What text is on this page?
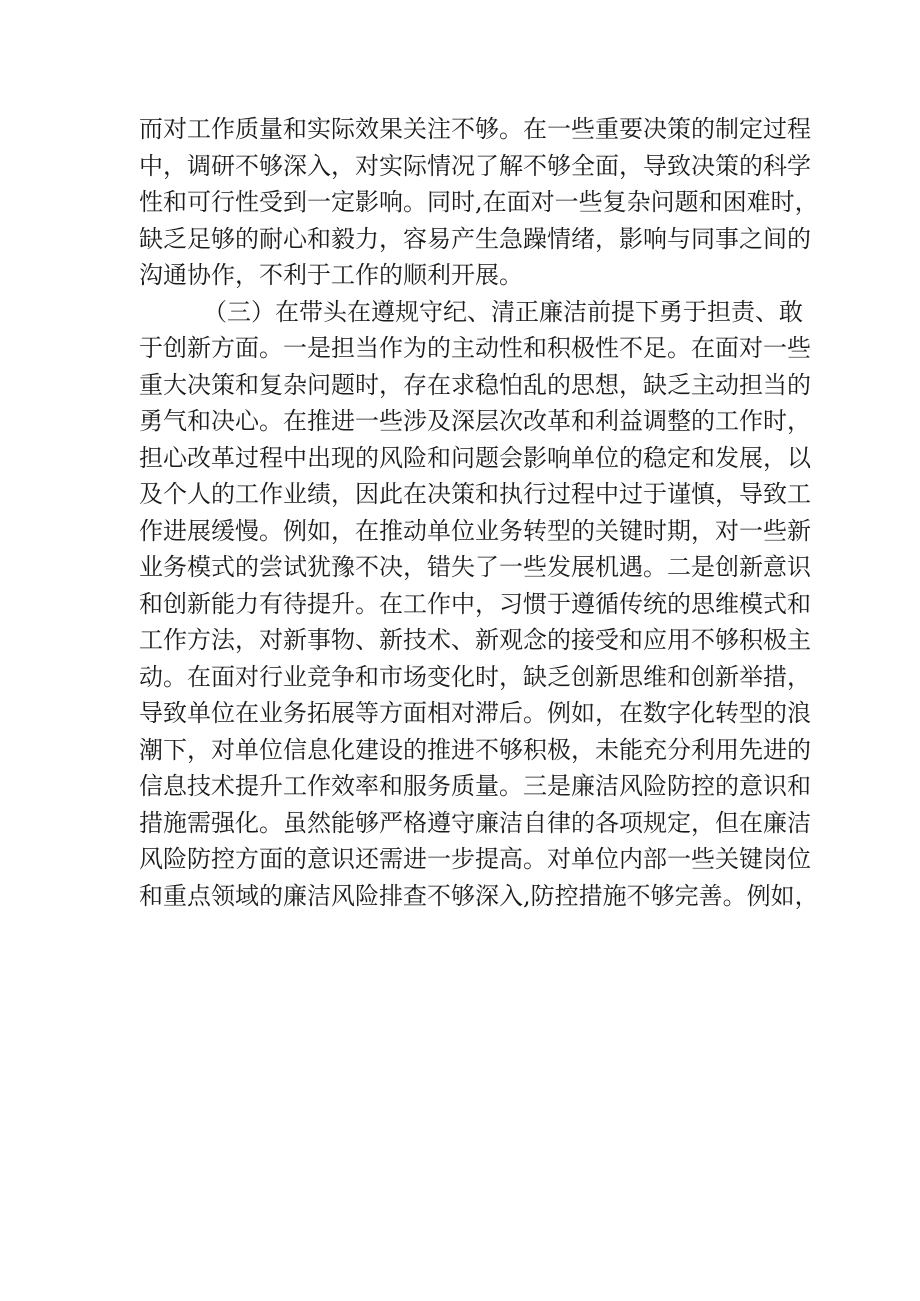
而对工作质量和实际效果关注不够。在一些重要决策的制定过程
中，调研不够深入，对实际情况了解不够全面，导致决策的科学
性和可行性受到一定影响。同时,在面对一些复杂问题和困难时，
缺乏足够的耐心和毅力，容易产生急躁情绪，影响与同事之间的
沟通协作，不利于工作的顺利开展。
（三）在带头在遵规守纪、清正廉洁前提下勇于担责、敢
于创新方面。一是担当作为的主动性和积极性不足。在面对一些
重大决策和复杂问题时，存在求稳怕乱的思想，缺乏主动担当的
勇气和决心。在推进一些涉及深层次改革和利益调整的工作时，
担心改革过程中出现的风险和问题会影响单位的稳定和发展，以
及个人的工作业绩，因此在决策和执行过程中过于谨慎，导致工
作进展缓慢。例如，在推动单位业务转型的关键时期，对一些新
业务模式的尝试犹豫不决，错失了一些发展机遇。二是创新意识
和创新能力有待提升。在工作中，习惯于遵循传统的思维模式和
工作方法，对新事物、新技术、新观念的接受和应用不够积极主
动。在面对行业竞争和市场变化时，缺乏创新思维和创新举措，
导致单位在业务拓展等方面相对滞后。例如，在数字化转型的浪
潮下，对单位信息化建设的推进不够积极，未能充分利用先进的
信息技术提升工作效率和服务质量。三是廉洁风险防控的意识和
措施需强化。虽然能够严格遵守廉洁自律的各项规定，但在廉洁
风险防控方面的意识还需进一步提高。对单位内部一些关键岗位
和重点领域的廉洁风险排查不够深入,防控措施不够完善。例如，
